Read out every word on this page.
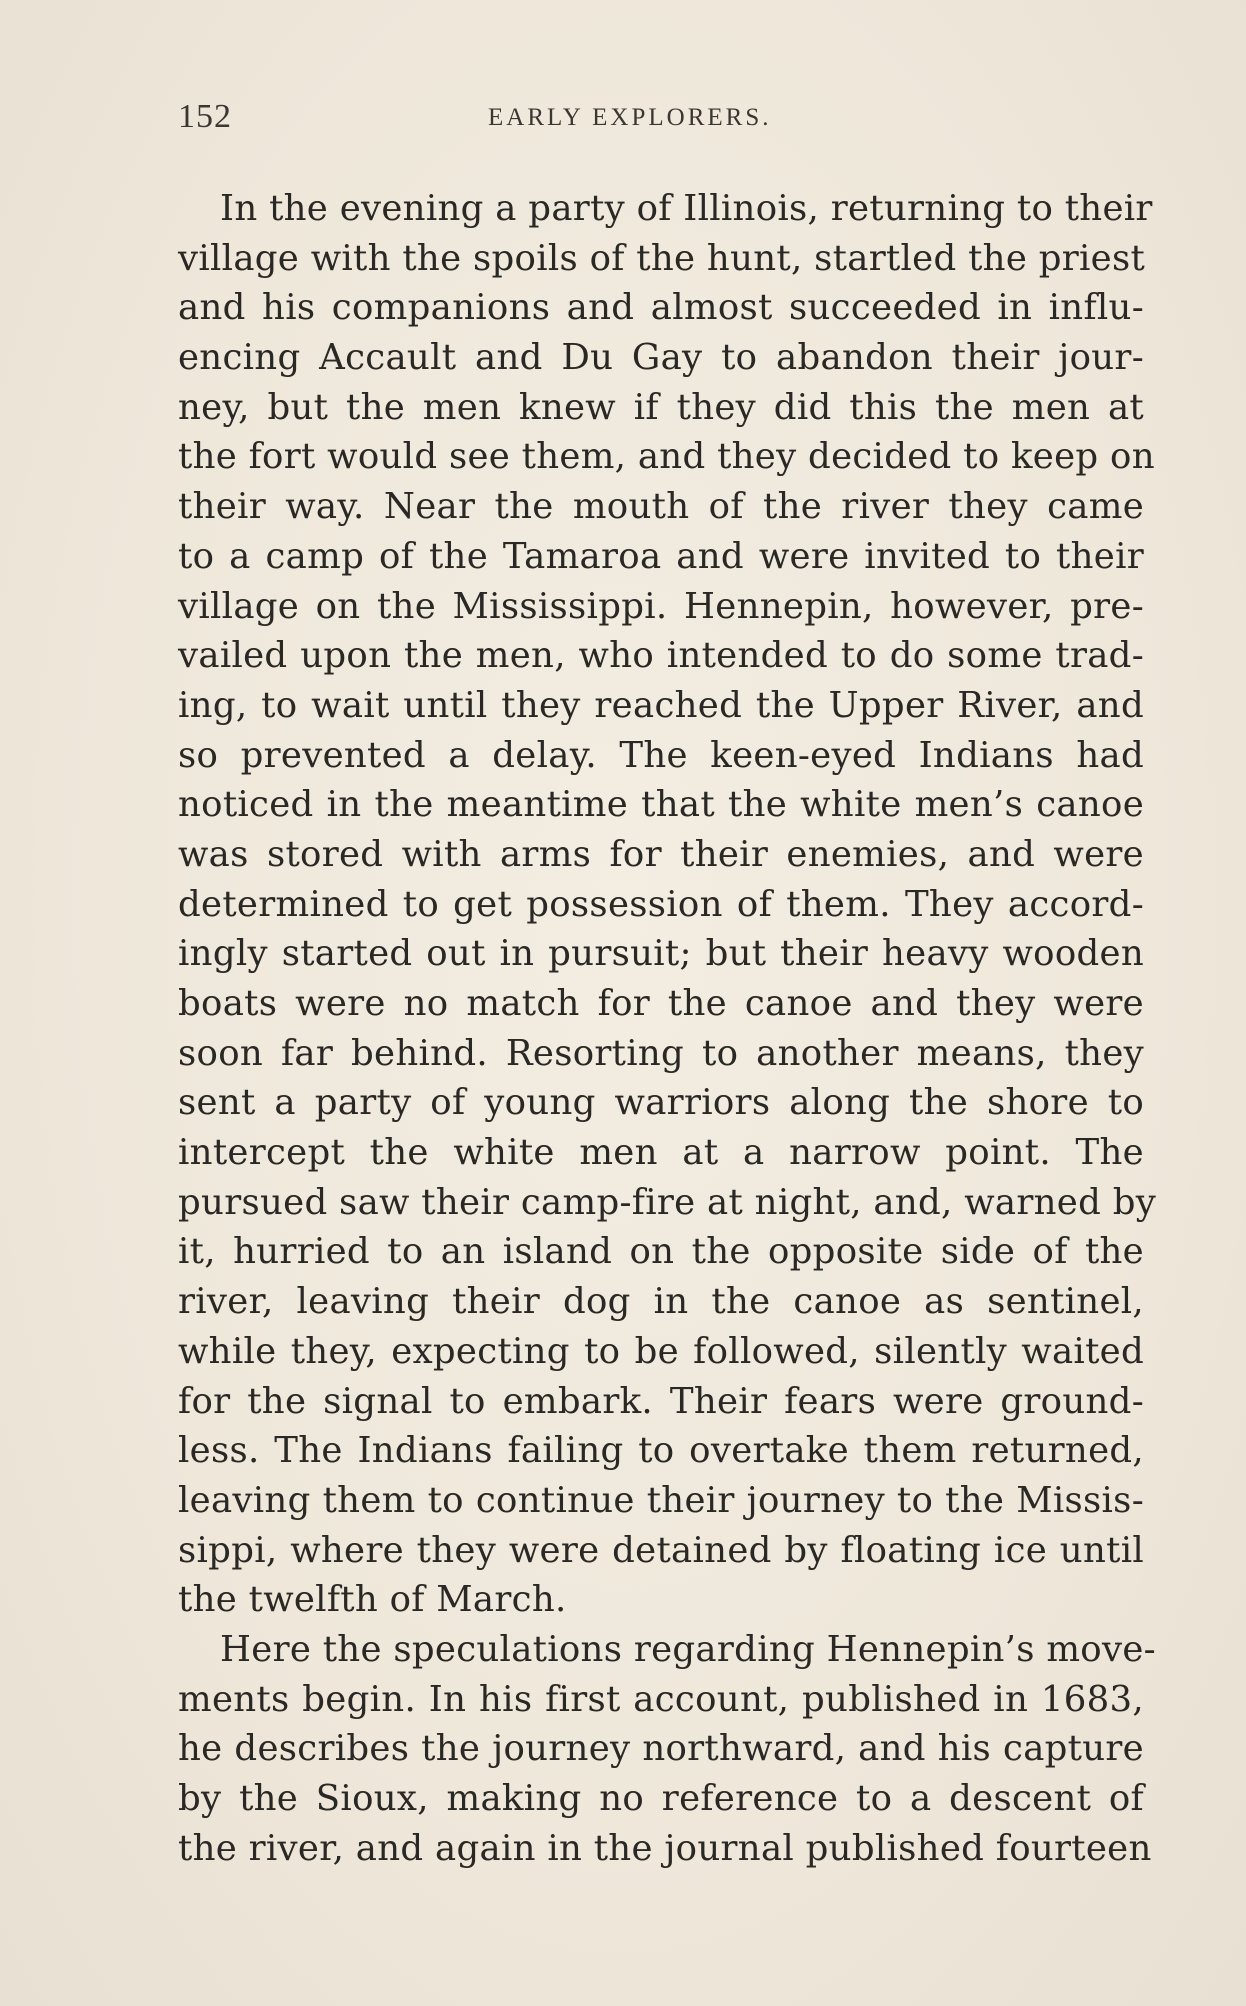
152	EARLY EXPLORERS.
In the evening a party of Illinois, returning to their
village with the spoils of the hunt, startled the priest
and his companions and almost succeeded in influ-
encing Accault and Du Gay to abandon their jour-
ney, but the men knew if they did this the men at
the fort would see them, and they decided to keep on
their way. Near the mouth of the river they came
to a camp of the Tamaroa and were invited to their
village on the Mississippi. Hennepin, however, pre-
vailed upon the men, who intended to do some trad-
ing, to wait until they reached the Upper River, and
so prevented a delay. The keen-eyed Indians had
noticed in the meantime that the white men’s canoe
was stored with arms for their enemies, and were
determined to get possession of them. They accord-
ingly started out in pursuit; but their heavy wooden
boats were no match for the canoe and they were
soon far behind. Resorting to another means, they
sent a party of young warriors along the shore to
intercept the white men at a narrow point. The
pursued saw their camp-fire at night, and, warned by
it, hurried to an island on the opposite side of the
river, leaving their dog in the canoe as sentinel,
while they, expecting to be followed, silently waited
for the signal to embark. Their fears were ground-
less. The Indians failing to overtake them returned,
leaving them to continue their journey to the Missis-
sippi, where they were detained by floating ice until
the twelfth of March.
Here the speculations regarding Hennepin’s move-
ments begin. In his first account, published in 1683,
he describes the journey northward, and his capture
by the Sioux, making no reference to a descent of
the river, and again in the journal published fourteen
